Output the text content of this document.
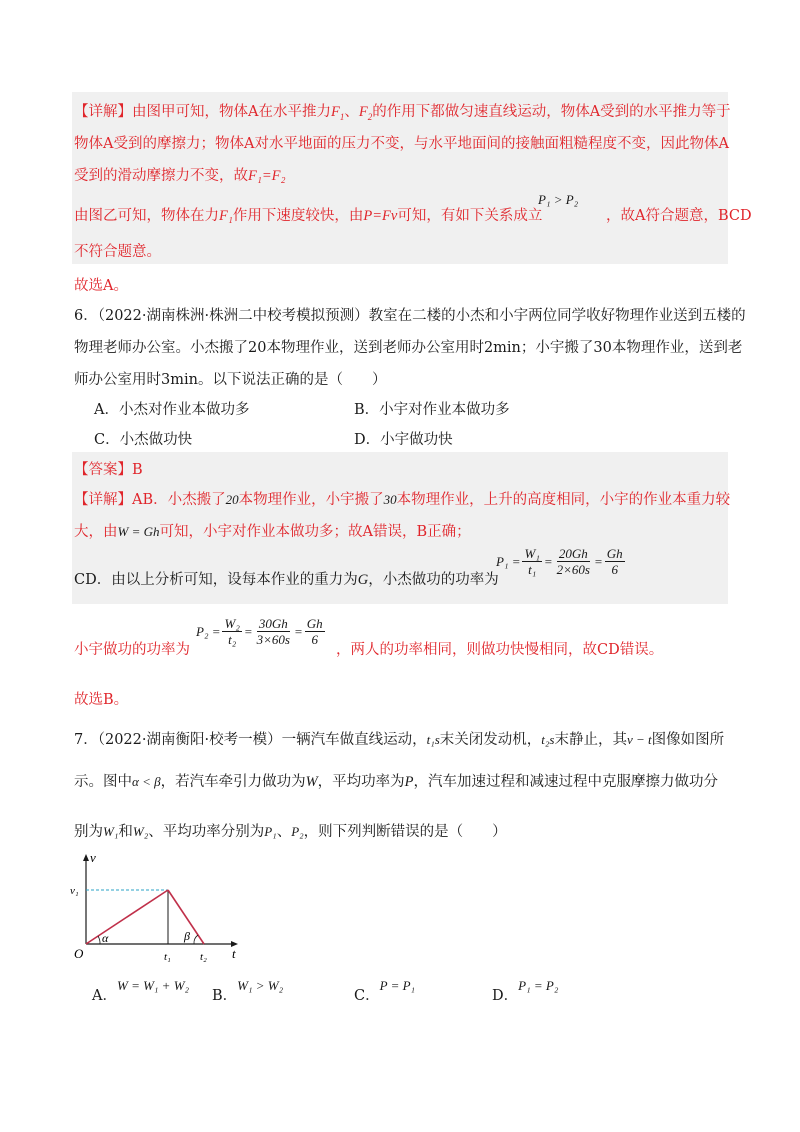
【详解】由图甲可知，物体A在水平推力$F_1$、$F_2$的作用下都做匀速直线运动，物体A受到的水平推力等于
物体A受到的摩擦力；物体A对水平地面的压力不变，与水平地面间的接触面粗糙程度不变，因此物体A
受到的滑动摩擦力不变，故F₁=F₂
由图乙可知，物体在力F₁作用下速度较快，由P=Fv可知，有如下关系成立
P₁ > P₂
，故A符合题意，BCD
不符合题意。
故选A。
6．（2022·湖南株洲·株洲二中校考模拟预测）教室在二楼的小杰和小宇两位同学收好物理作业送到五楼的
物理老师办公室。小杰搬了20本物理作业，送到老师办公室用时2min；小宇搬了30本物理作业，送到老
师办公室用时3min。以下说法正确的是（　　）
A．小杰对作业本做功多	B．小宇对作业本做功多
C．小杰做功快	D．小宇做功快
【答案】B
【详解】AB．小杰搬了20本物理作业，小宇搬了30本物理作业，上升的高度相同，小宇的作业本重力较
大，由W = Gh可知，小宇对作业本做功多；故A错误，B正确；
CD．由以上分析可知，设每本作业的重力为G，小杰做功的功率为
$P_1 = \frac{\text{W₁}}{\text{t₁}} = \frac{20Gh}{2\times 60s} = \frac{Gh}{6}$
小宇做功的功率为
$P_2 = \frac{\text{W₂}}{\text{t₂}} = \frac{30Gh}{3\times 60s} = \frac{Gh}{6}$
，两人的功率相同，则做功快慢相同，故CD错误。
故选B。
7．（2022·湖南衡阳·校考一模）一辆汽车做直线运动，t₁s末关闭发动机，t₂s末静止，其v − t图像如图所
示。图中α < β，若汽车牵引力做功为W，平均功率为P，汽车加速过程和减速过程中克服摩擦力做功分
别为W₁和W₂、平均功率分别为P₁、P₂，则下列判断错误的是（　　）
v
t
O
v₁
t₁	t₂
α	β
A．W = W₁ + W₂
B．W₁ > W₂
C．P = P₁
D．P₁ = P₂
